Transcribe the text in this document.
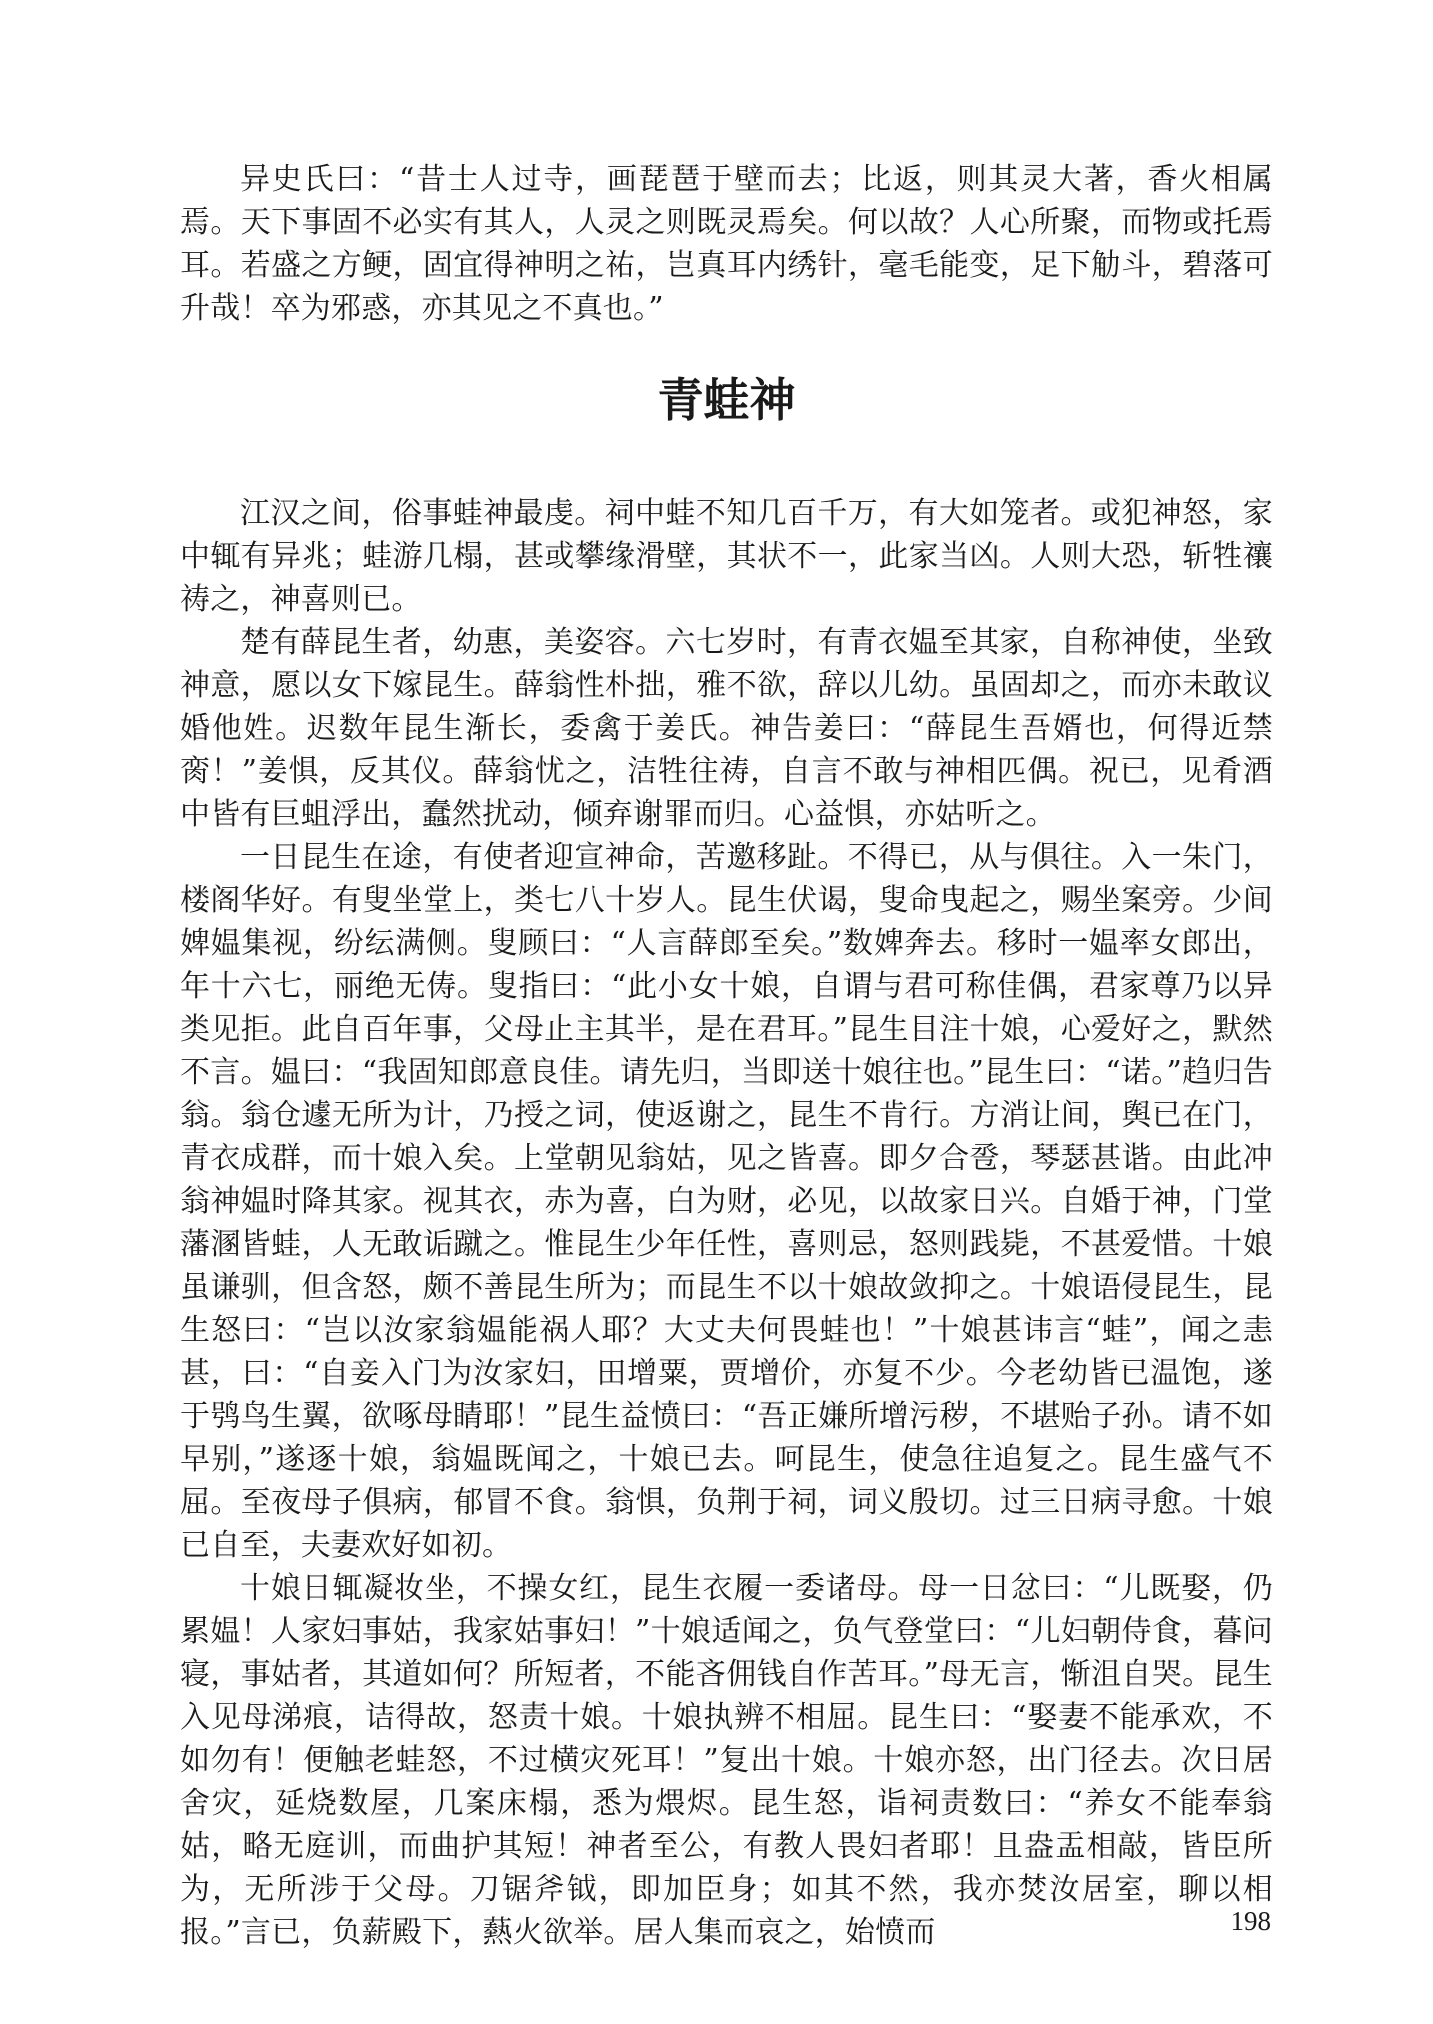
异史氏曰：“昔士人过寺，画琵琶于壁而去；比返，则其灵大著，香火相属焉。天下事固不必实有其人，人灵之则既灵焉矣。何以故？人心所聚，而物或托焉耳。若盛之方鲠，固宜得神明之祐，岂真耳内绣针，毫毛能变，足下觔斗，碧落可升哉！卒为邪惑，亦其见之不真也。”

青蛙神

江汉之间，俗事蛙神最虔。祠中蛙不知几百千万，有大如笼者。或犯神怒，家中辄有异兆；蛙游几榻，甚或攀缘滑壁，其状不一，此家当凶。人则大恐，斩牲禳祷之，神喜则已。

楚有薛昆生者，幼惠，美姿容。六七岁时，有青衣媪至其家，自称神使，坐致神意，愿以女下嫁昆生。薛翁性朴拙，雅不欲，辞以儿幼。虽固却之，而亦未敢议婚他姓。迟数年昆生渐长，委禽于姜氏。神告姜曰：“薛昆生吾婿也，何得近禁脔！”姜惧，反其仪。薛翁忧之，洁牲往祷，自言不敢与神相匹偶。祝已，见肴酒中皆有巨蛆浮出，蠢然扰动，倾弃谢罪而归。心益惧，亦姑听之。

一日昆生在途，有使者迎宣神命，苦邀移趾。不得已，从与俱往。入一朱门，楼阁华好。有叟坐堂上，类七八十岁人。昆生伏谒，叟命曳起之，赐坐案旁。少间婢媪集视，纷纭满侧。叟顾曰：“人言薛郎至矣。”数婢奔去。移时一媪率女郎出，年十六七，丽绝无俦。叟指曰：“此小女十娘，自谓与君可称佳偶，君家尊乃以异类见拒。此自百年事，父母止主其半，是在君耳。”昆生目注十娘，心爱好之，默然不言。媪曰：“我固知郎意良佳。请先归，当即送十娘往也。”昆生曰：“诺。”趋归告翁。翁仓遽无所为计，乃授之词，使返谢之，昆生不肯行。方消让间，舆已在门，青衣成群，而十娘入矣。上堂朝见翁姑，见之皆喜。即夕合卺，琴瑟甚谐。由此冲翁神媪时降其家。视其衣，赤为喜，白为财，必见，以故家日兴。自婚于神，门堂藩溷皆蛙，人无敢诟蹴之。惟昆生少年任性，喜则忌，怒则践毙，不甚爱惜。十娘虽谦驯，但含怒，颇不善昆生所为；而昆生不以十娘故敛抑之。十娘语侵昆生，昆生怒曰：“岂以汝家翁媪能祸人耶？大丈夫何畏蛙也！”十娘甚讳言“蛙”，闻之恚甚，曰：“自妾入门为汝家妇，田增粟，贾增价，亦复不少。今老幼皆已温饱，遂于鸮鸟生翼，欲啄母睛耶！”昆生益愤曰：“吾正嫌所增污秽，不堪贻子孙。请不如早别，”遂逐十娘，翁媪既闻之，十娘已去。呵昆生，使急往追复之。昆生盛气不屈。至夜母子俱病，郁冒不食。翁惧，负荆于祠，词义殷切。过三日病寻愈。十娘已自至，夫妻欢好如初。

十娘日辄凝妆坐，不操女红，昆生衣履一委诸母。母一日忿曰：“儿既娶，仍累媪！人家妇事姑，我家姑事妇！”十娘适闻之，负气登堂曰：“儿妇朝侍食，暮问寝，事姑者，其道如何？所短者，不能吝佣钱自作苦耳。”母无言，惭沮自哭。昆生入见母涕痕，诘得故，怒责十娘。十娘执辨不相屈。昆生曰：“娶妻不能承欢，不如勿有！便触老蛙怒，不过横灾死耳！”复出十娘。十娘亦怒，出门径去。次日居舍灾，延烧数屋，几案床榻，悉为煨烬。昆生怒，诣祠责数曰：“养女不能奉翁姑，略无庭训，而曲护其短！神者至公，有教人畏妇者耶！且盎盂相敲，皆臣所为，无所涉于父母。刀锯斧钺，即加臣身；如其不然，我亦焚汝居室，聊以相报。”言已，负薪殿下，爇火欲举。居人集而哀之，始愤而	198
